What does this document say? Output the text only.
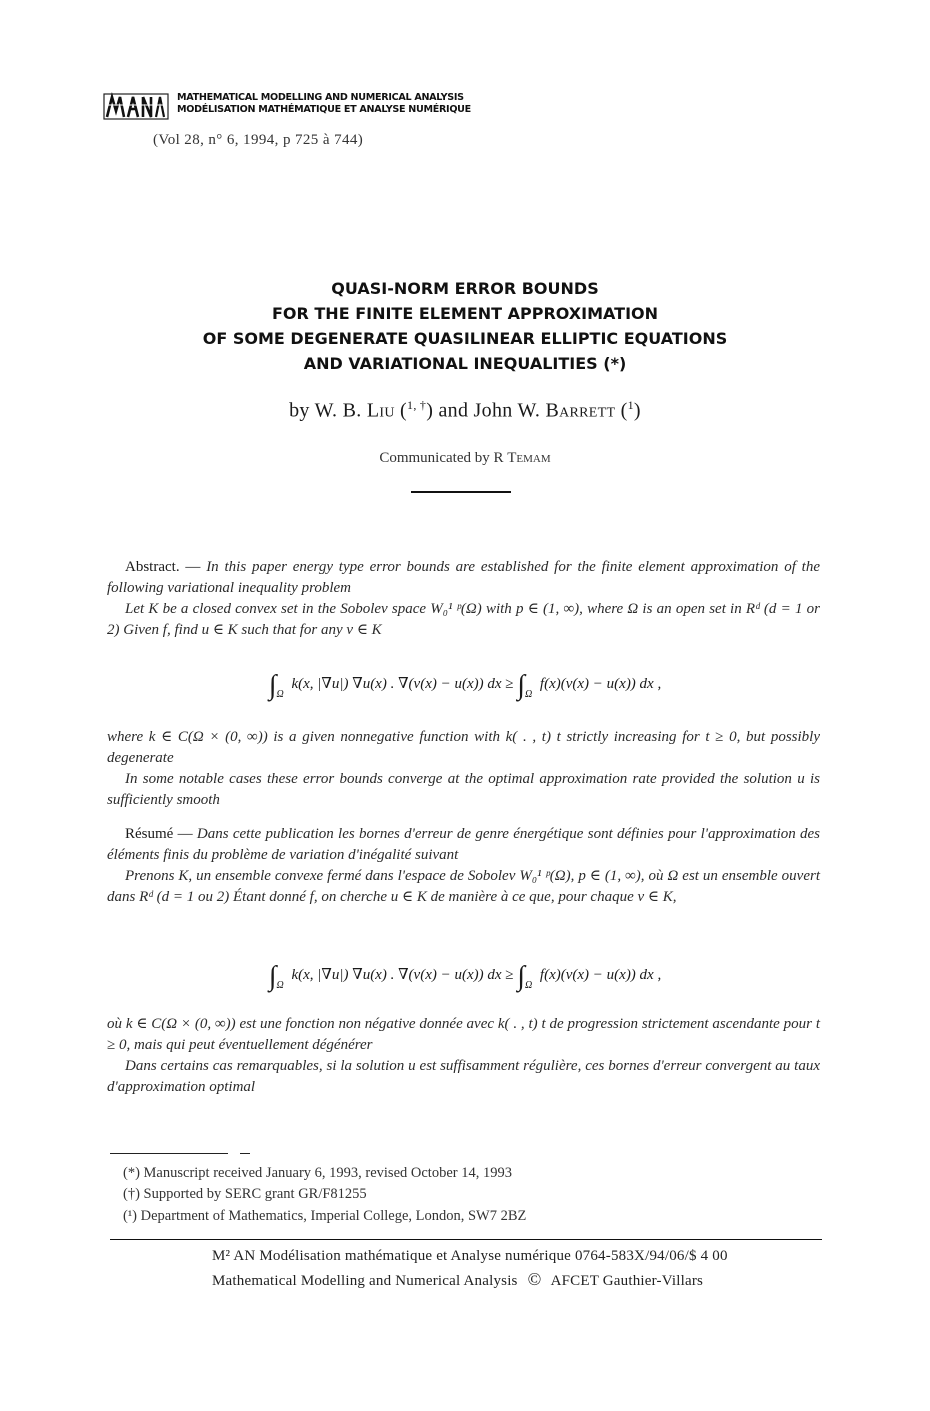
MATHEMATICAL MODELLING AND NUMERICAL ANALYSIS
MODÉLISATION MATHÉMATIQUE ET ANALYSE NUMÉRIQUE
(Vol 28, n° 6, 1994, p 725 à 744)
QUASI-NORM ERROR BOUNDS
FOR THE FINITE ELEMENT APPROXIMATION
OF SOME DEGENERATE QUASILINEAR ELLIPTIC EQUATIONS
AND VARIATIONAL INEQUALITIES (*)
by W. B. Liu ($^{1, \dagger}$) and John W. Barrett ($^1$)
Communicated by R Temam
Abstract. — In this paper energy type error bounds are established for the finite element approximation of the following variational inequality problem
Let K be a closed convex set in the Sobolev space W₀¹ ᵖ(Ω) with p ∈ (1, ∞), where Ω is an open set in Rᵈ (d = 1 or 2) Given f, find u ∈ K such that for any v ∈ K
$\int_\Omega$ k(x, |∇u|) ∇u(x) . ∇(v(x) − u(x)) dx ≥ $\int_\Omega$ f(x)(v(x) − u(x)) dx ,
where k ∈ C(Ω × (0, ∞)) is a given nonnegative function with k( . , t) t strictly increasing for t ≥ 0, but possibly degenerate
In some notable cases these error bounds converge at the optimal approximation rate provided the solution u is sufficiently smooth
Résumé — Dans cette publication les bornes d'erreur de genre énergétique sont définies pour l'approximation des éléments finis du problème de variation d'inégalité suivant
Prenons K, un ensemble convexe fermé dans l'espace de Sobolev W₀¹ ᵖ(Ω), p ∈ (1, ∞), où Ω est un ensemble ouvert dans Rᵈ (d = 1 ou 2) Étant donné f, on cherche u ∈ K de manière à ce que, pour chaque v ∈ K,
$\int_\Omega$ k(x, |∇u|) ∇u(x) . ∇(v(x) − u(x)) dx ≥ $\int_\Omega$ f(x)(v(x) − u(x)) dx ,
où k ∈ C(Ω × (0, ∞)) est une fonction non négative donnée avec k( . , t) t de progression strictement ascendante pour t ≥ 0, mais qui peut éventuellement dégénérer
Dans certains cas remarquables, si la solution u est suffisamment régulière, ces bornes d'erreur convergent au taux d'approximation optimal
(*) Manuscript received January 6, 1993, revised October 14, 1993
(†) Supported by SERC grant GR/F81255
(¹) Department of Mathematics, Imperial College, London, SW7 2BZ
M² AN Modélisation mathématique et Analyse numérique 0764-583X/94/06/$ 4 00
Mathematical Modelling and Numerical Analysis © AFCET Gauthier-Villars
